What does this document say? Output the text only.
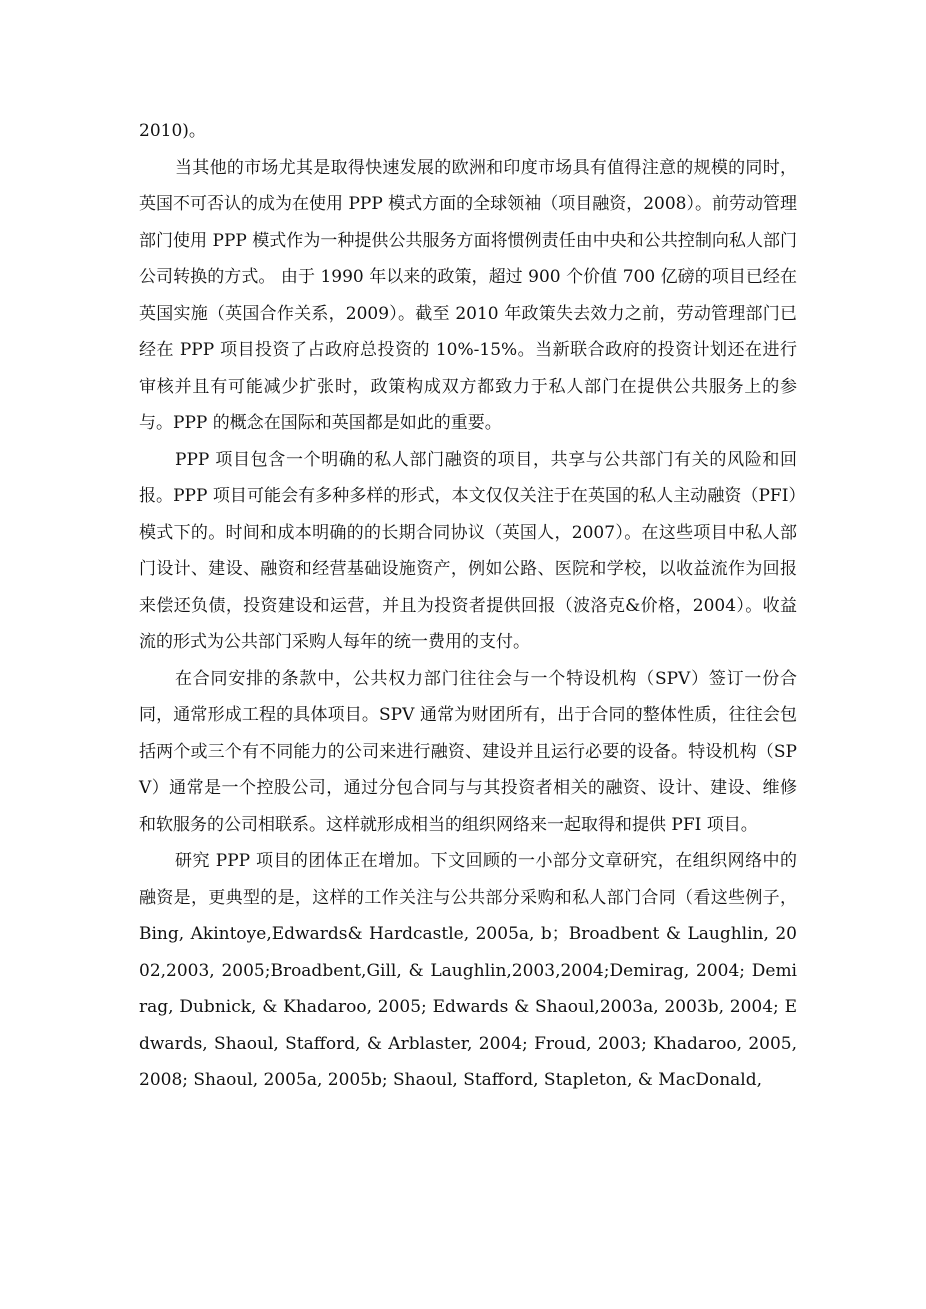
2010)。

当其他的市场尤其是取得快速发展的欧洲和印度市场具有值得注意的规模的同时，英国不可否认的成为在使用 PPP 模式方面的全球领袖（项目融资，2008）。前劳动管理部门使用 PPP 模式作为一种提供公共服务方面将惯例责任由中央和公共控制向私人部门公司转换的方式。 由于 1990 年以来的政策，超过 900 个价值 700 亿磅的项目已经在英国实施（英国合作关系，2009）。截至 2010 年政策失去效力之前，劳动管理部门已经在 PPP 项目投资了占政府总投资的 10%-15%。当新联合政府的投资计划还在进行审核并且有可能减少扩张时，政策构成双方都致力于私人部门在提供公共服务上的参与。PPP 的概念在国际和英国都是如此的重要。

PPP 项目包含一个明确的私人部门融资的项目，共享与公共部门有关的风险和回报。PPP 项目可能会有多种多样的形式，本文仅仅关注于在英国的私人主动融资（PFI）模式下的。时间和成本明确的的长期合同协议（英国人，2007）。在这些项目中私人部门设计、建设、融资和经营基础设施资产，例如公路、医院和学校，以收益流作为回报来偿还负债，投资建设和运营，并且为投资者提供回报（波洛克&价格，2004）。收益流的形式为公共部门采购人每年的统一费用的支付。

在合同安排的条款中，公共权力部门往往会与一个特设机构（SPV）签订一份合同，通常形成工程的具体项目。SPV 通常为财团所有，出于合同的整体性质，往往会包括两个或三个有不同能力的公司来进行融资、建设并且运行必要的设备。特设机构（SPV）通常是一个控股公司，通过分包合同与与其投资者相关的融资、设计、建设、维修和软服务的公司相联系。这样就形成相当的组织网络来一起取得和提供 PFI 项目。

研究 PPP 项目的团体正在增加。下文回顾的一小部分文章研究，在组织网络中的融资是，更典型的是，这样的工作关注与公共部分采购和私人部门合同（看这些例子，Bing, Akintoye,Edwards& Hardcastle, 2005a, b；Broadbent & Laughlin, 2002,2003, 2005;Broadbent,Gill, & Laughlin,2003,2004;Demirag, 2004; Demirag, Dubnick, & Khadaroo, 2005; Edwards & Shaoul,2003a, 2003b, 2004; Edwards, Shaoul, Stafford, & Arblaster, 2004; Froud, 2003; Khadaroo, 2005, 2008; Shaoul, 2005a, 2005b; Shaoul, Stafford, Stapleton, & MacDonald,
